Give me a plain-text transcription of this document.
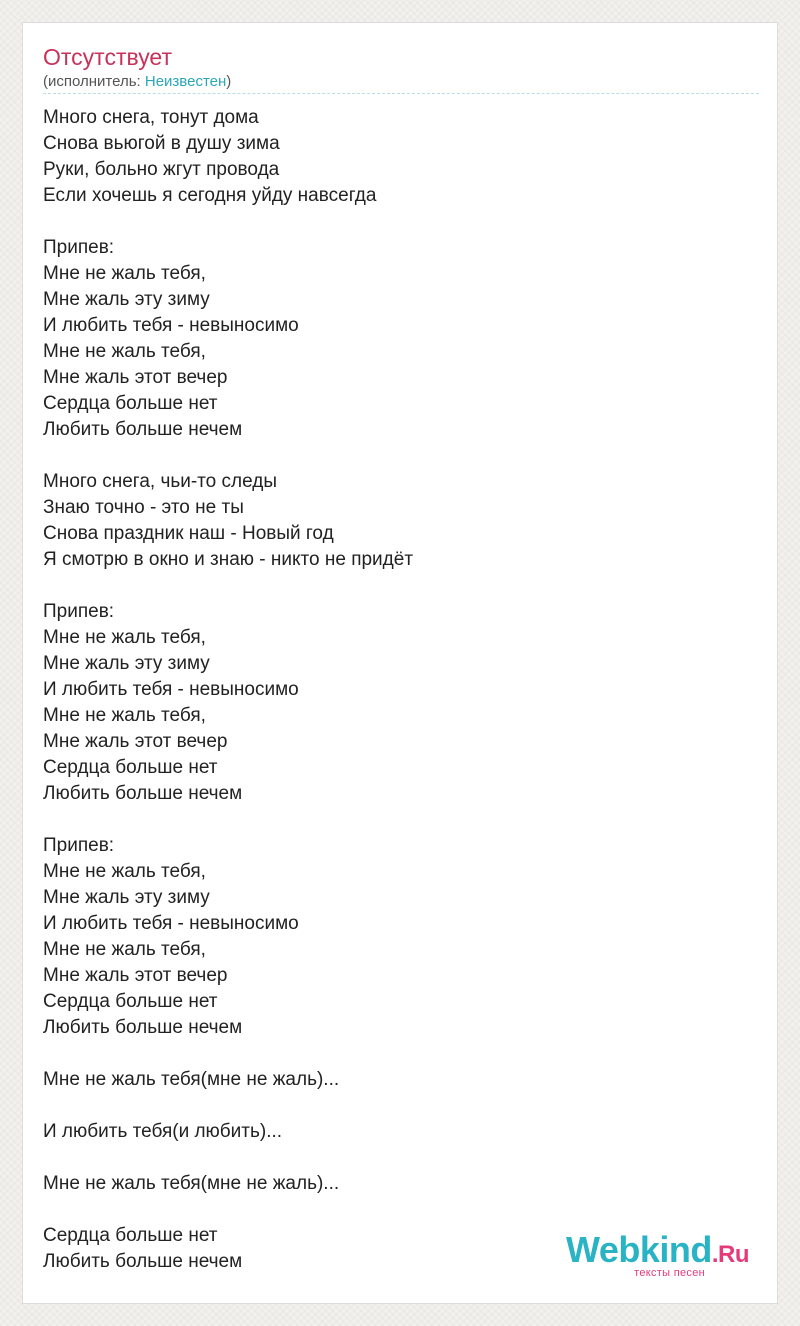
Отсутствует
(исполнитель: Неизвестен)
Много снега, тонут дома
Снова вьюгой в душу зима
Руки, больно жгут провода
Если хочешь я сегодня уйду навсегда
Припев:
Мне не жаль тебя,
Мне жаль эту зиму
И любить тебя - невыносимо
Мне не жаль тебя,
Мне жаль этот вечер
Сердца больше нет
Любить больше нечем
Много снега, чьи-то следы
Знаю точно - это не ты
Снова праздник наш - Новый год
Я смотрю в окно и знаю - никто не придёт
Припев:
Мне не жаль тебя,
Мне жаль эту зиму
И любить тебя - невыносимо
Мне не жаль тебя,
Мне жаль этот вечер
Сердца больше нет
Любить больше нечем
Припев:
Мне не жаль тебя,
Мне жаль эту зиму
И любить тебя - невыносимо
Мне не жаль тебя,
Мне жаль этот вечер
Сердца больше нет
Любить больше нечем
Мне не жаль тебя(мне не жаль)...
И любить тебя(и любить)...
Мне не жаль тебя(мне не жаль)...
Сердца больше нет
Любить больше нечем	Webkind.Ru
тексты песен
